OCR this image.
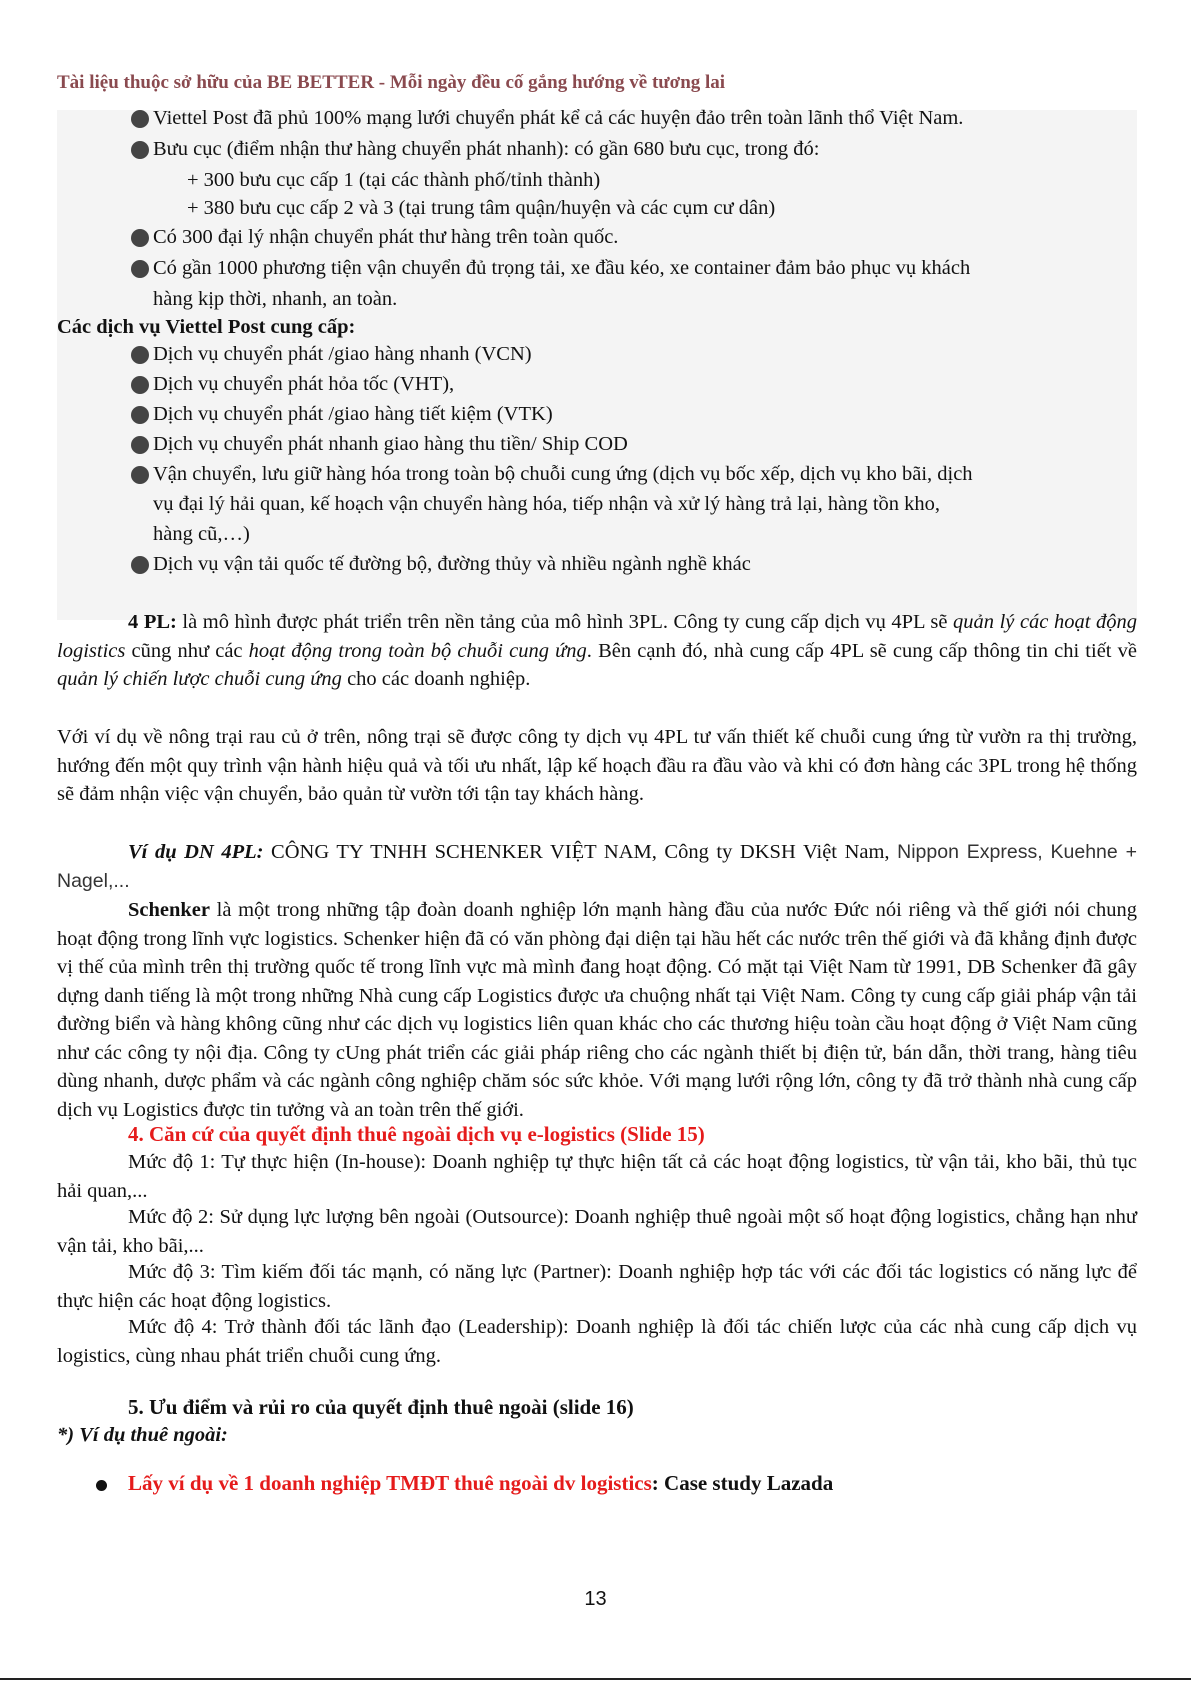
Tài liệu thuộc sở hữu của BE BETTER - Mỗi ngày đều cố gắng hướng về tương lai
Viettel Post đã phủ 100% mạng lưới chuyển phát kể cả các huyện đảo trên toàn lãnh thổ Việt Nam.
Bưu cục (điểm nhận thư hàng chuyển phát nhanh): có gần 680 bưu cục, trong đó:
+ 300 bưu cục cấp 1 (tại các thành phố/tỉnh thành)
+ 380 bưu cục cấp 2 và 3 (tại trung tâm quận/huyện và các cụm cư dân)
Có 300 đại lý nhận chuyển phát thư hàng trên toàn quốc.
Có gần 1000 phương tiện vận chuyển đủ trọng tải, xe đầu kéo, xe container đảm bảo phục vụ khách
hàng kịp thời, nhanh, an toàn.
Các dịch vụ Viettel Post cung cấp:
Dịch vụ chuyển phát /giao hàng nhanh (VCN)
Dịch vụ chuyển phát hỏa tốc (VHT),
Dịch vụ chuyển phát /giao hàng tiết kiệm (VTK)
Dịch vụ chuyển phát nhanh giao hàng thu tiền/ Ship COD
Vận chuyển, lưu giữ hàng hóa trong toàn bộ chuỗi cung ứng (dịch vụ bốc xếp, dịch vụ kho bãi, dịch
vụ đại lý hải quan, kế hoạch vận chuyển hàng hóa, tiếp nhận và xử lý hàng trả lại, hàng tồn kho,
hàng cũ,…)
Dịch vụ vận tải quốc tế đường bộ, đường thủy và nhiều ngành nghề khác
4 PL: là mô hình được phát triển trên nền tảng của mô hình 3PL. Công ty cung cấp dịch vụ 4PL sẽ quản lý các hoạt động logistics cũng như các hoạt động trong toàn bộ chuỗi cung ứng. Bên cạnh đó, nhà cung cấp 4PL sẽ cung cấp thông tin chi tiết về quản lý chiến lược chuỗi cung ứng cho các doanh nghiệp.
Với ví dụ về nông trại rau củ ở trên, nông trại sẽ được công ty dịch vụ 4PL tư vấn thiết kế chuỗi cung ứng từ vườn ra thị trường, hướng đến một quy trình vận hành hiệu quả và tối ưu nhất, lập kế hoạch đầu ra đầu vào và khi có đơn hàng các 3PL trong hệ thống sẽ đảm nhận việc vận chuyển, bảo quản từ vườn tới tận tay khách hàng.
Ví dụ DN 4PL: CÔNG TY TNHH SCHENKER VIỆT NAM, Công ty DKSH Việt Nam, Nippon Express, Kuehne + Nagel,...
Schenker là một trong những tập đoàn doanh nghiệp lớn mạnh hàng đầu của nước Đức nói riêng và thế giới nói chung hoạt động trong lĩnh vực logistics. Schenker hiện đã có văn phòng đại diện tại hầu hết các nước trên thế giới và đã khẳng định được vị thế của mình trên thị trường quốc tế trong lĩnh vực mà mình đang hoạt động. Có mặt tại Việt Nam từ 1991, DB Schenker đã gây dựng danh tiếng là một trong những Nhà cung cấp Logistics được ưa chuộng nhất tại Việt Nam. Công ty cung cấp giải pháp vận tải đường biển và hàng không cũng như các dịch vụ logistics liên quan khác cho các thương hiệu toàn cầu hoạt động ở Việt Nam cũng như các công ty nội địa. Công ty cUng phát triển các giải pháp riêng cho các ngành thiết bị điện tử, bán dẫn, thời trang, hàng tiêu dùng nhanh, dược phẩm và các ngành công nghiệp chăm sóc sức khỏe. Với mạng lưới rộng lớn, công ty đã trở thành nhà cung cấp dịch vụ Logistics được tin tưởng và an toàn trên thế giới.
4. Căn cứ của quyết định thuê ngoài dịch vụ e-logistics (Slide 15)
Mức độ 1: Tự thực hiện (In-house): Doanh nghiệp tự thực hiện tất cả các hoạt động logistics, từ vận tải, kho bãi, thủ tục hải quan,...
Mức độ 2: Sử dụng lực lượng bên ngoài (Outsource): Doanh nghiệp thuê ngoài một số hoạt động logistics, chẳng hạn như vận tải, kho bãi,...
Mức độ 3: Tìm kiếm đối tác mạnh, có năng lực (Partner): Doanh nghiệp hợp tác với các đối tác logistics có năng lực để thực hiện các hoạt động logistics.
Mức độ 4: Trở thành đối tác lãnh đạo (Leadership): Doanh nghiệp là đối tác chiến lược của các nhà cung cấp dịch vụ logistics, cùng nhau phát triển chuỗi cung ứng.
5. Ưu điểm và rủi ro của quyết định thuê ngoài (slide 16)
*) Ví dụ thuê ngoài:
Lấy ví dụ về 1 doanh nghiệp TMĐT thuê ngoài dv logistics: Case study Lazada
13
